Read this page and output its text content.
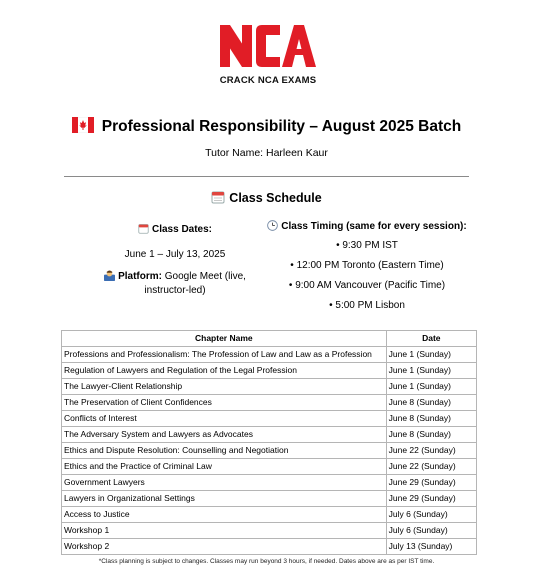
CRACK NCA EXAMS
Professional Responsibility – August 2025 Batch
Tutor Name: Harleen Kaur
Class Schedule
Class Dates:
June 1 – July 13, 2025
Platform: Google Meet (live, instructor-led)
Class Timing (same for every session):
• 9:30 PM IST
• 12:00 PM Toronto (Eastern Time)
• 9:00 AM Vancouver (Pacific Time)
• 5:00 PM Lisbon
Chapter Name	Date
Professions and Professionalism: The Profession of Law and Law as a Profession	June 1 (Sunday)
Regulation of Lawyers and Regulation of the Legal Profession	June 1 (Sunday)
The Lawyer-Client Relationship	June 1 (Sunday)
The Preservation of Client Confidences	June 8 (Sunday)
Conflicts of Interest	June 8 (Sunday)
The Adversary System and Lawyers as Advocates	June 8 (Sunday)
Ethics and Dispute Resolution: Counselling and Negotiation	June 22 (Sunday)
Ethics and the Practice of Criminal Law	June 22 (Sunday)
Government Lawyers	June 29 (Sunday)
Lawyers in Organizational Settings	June 29 (Sunday)
Access to Justice	July 6 (Sunday)
Workshop 1	July 6 (Sunday)
Workshop 2	July 13 (Sunday)
*Class planning is subject to changes. Classes may run beyond 3 hours, if needed. Dates above are as per IST time.
